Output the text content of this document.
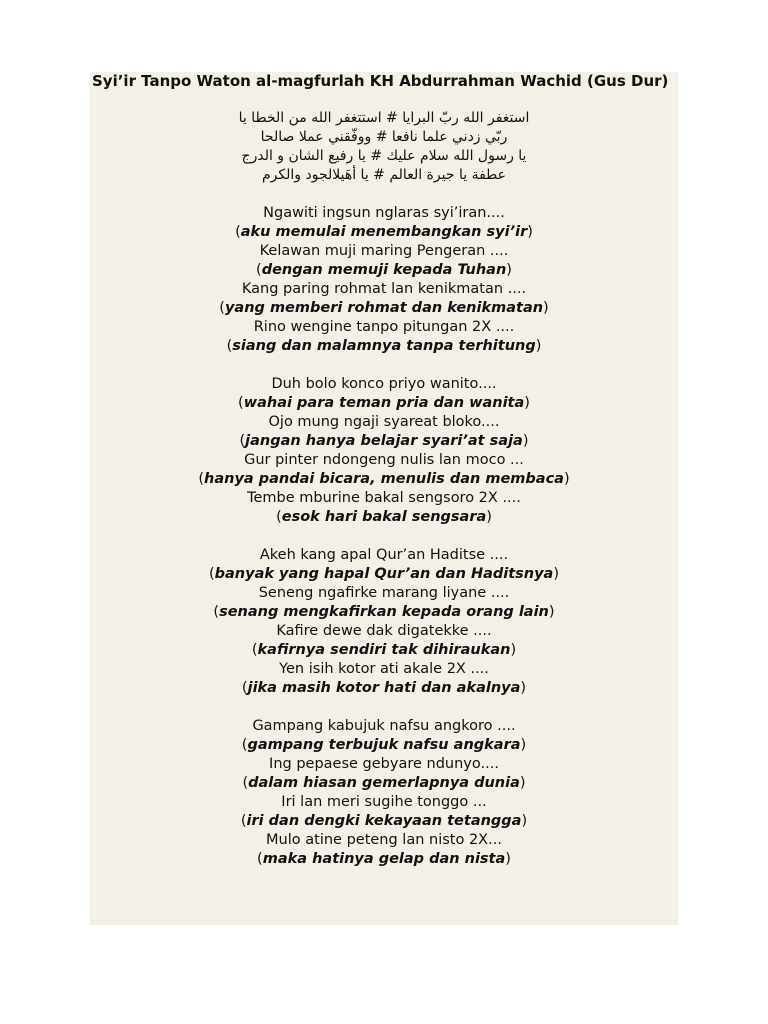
Syi’ir Tanpo Waton al-magfurlah KH Abdurrahman Wachid (Gus Dur)
استغفر الله ربّ البرايا # استتغفر الله من الخطا يا
ربّي زدني علما نافعا # ووفّقني عملا صالحا
يا رسول الله سلام عليك # يا رفيع الشان و الدرج
عطفة يا جيرة العالم # يا أهَيلالجود والكرم
Ngawiti ingsun nglaras syi’iran....
(aku memulai menembangkan syi’ir)
Kelawan muji maring Pengeran ....
(dengan memuji kepada Tuhan)
Kang paring rohmat lan kenikmatan ....
(yang memberi rohmat dan kenikmatan)
Rino wengine tanpo pitungan 2X ....
(siang dan malamnya tanpa terhitung)
Duh bolo konco priyo wanito....
(wahai para teman pria dan wanita)
Ojo mung ngaji syareat bloko....
(jangan hanya belajar syari’at saja)
Gur pinter ndongeng nulis lan moco ...
(hanya pandai bicara, menulis dan membaca)
Tembe mburine bakal sengsoro 2X ....
(esok hari bakal sengsara)
Akeh kang apal Qur’an Haditse ....
(banyak yang hapal Qur’an dan Haditsnya)
Seneng ngafirke marang liyane ....
(senang mengkafirkan kepada orang lain)
Kafire dewe dak digatekke ....
(kafirnya sendiri tak dihiraukan)
Yen isih kotor ati akale 2X ....
(jika masih kotor hati dan akalnya)
Gampang kabujuk nafsu angkoro ....
(gampang terbujuk nafsu angkara)
Ing pepaese gebyare ndunyo....
(dalam hiasan gemerlapnya dunia)
Iri lan meri sugihe tonggo ...
(iri dan dengki kekayaan tetangga)
Mulo atine peteng lan nisto 2X...
(maka hatinya gelap dan nista)
